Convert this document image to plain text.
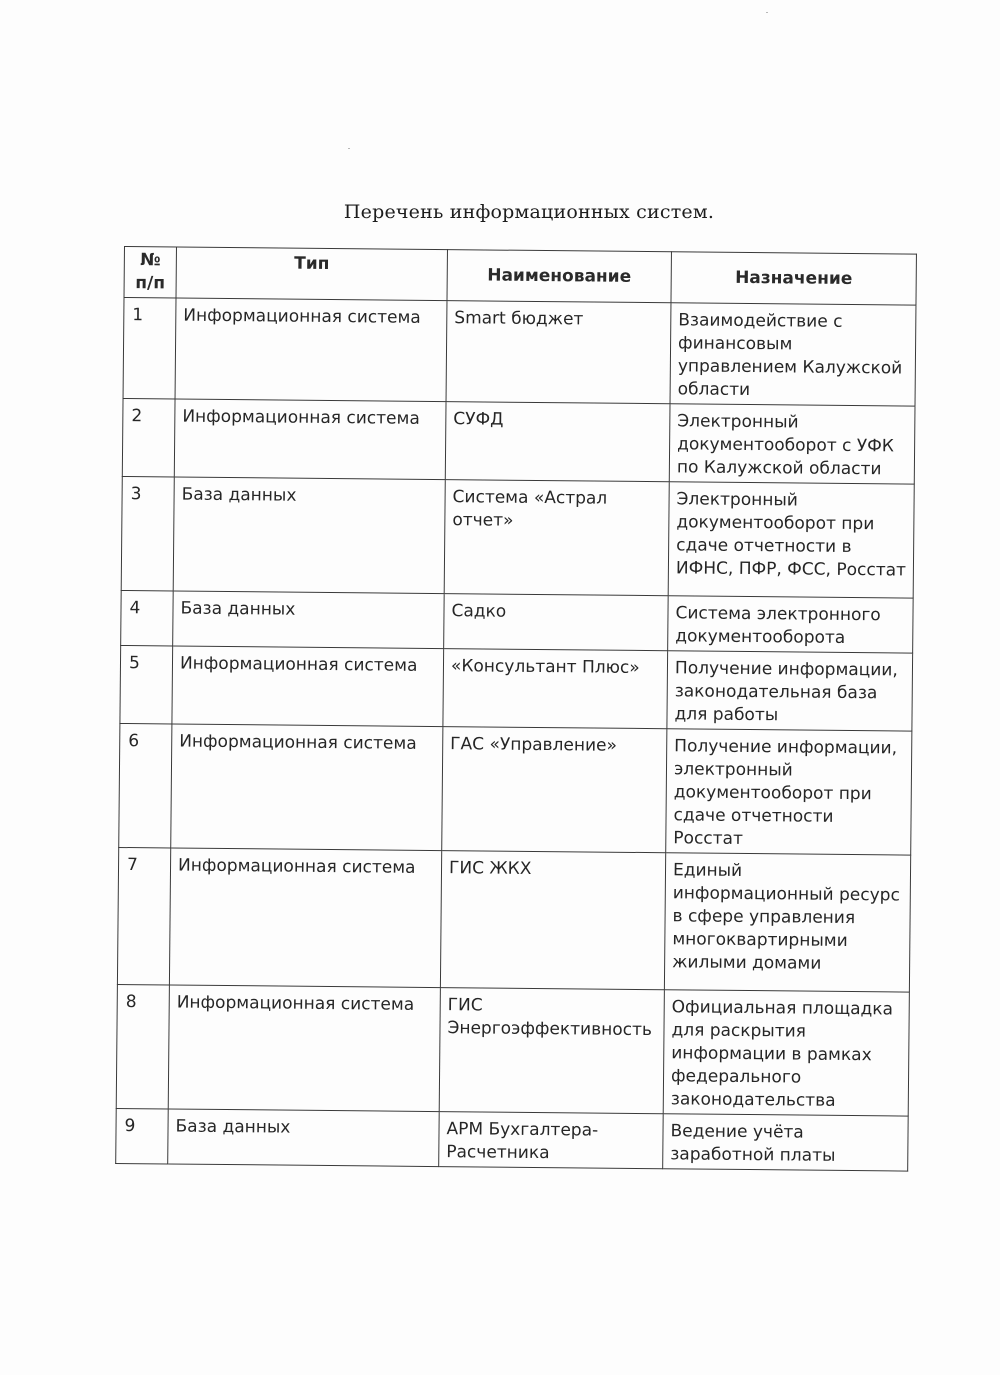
Перечень информационных систем.
№ п/п	Тип	Наименование	Назначение
1	Информационная система	Smart бюджет	Взаимодействие с финансовым управлением Калужской области
2	Информационная система	СУФД	Электронный документооборот с УФК по Калужской области
3	База данных	Система «Астрал отчет»	Электронный документооборот при сдаче отчетности в ИФНС, ПФР, ФСС, Росстат
4	База данных	Садко	Система электронного документооборота
5	Информационная система	«Консультант Плюс»	Получение информации, законодательная база для работы
6	Информационная система	ГАС «Управление»	Получение информации, электронный документооборот при сдаче отчетности Росстат
7	Информационная система	ГИС ЖКХ	Единый информационный ресурс в сфере управления многоквартирными жилыми домами
8	Информационная система	ГИС Энергоэффективность	Официальная площадка для раскрытия информации в рамках федерального законодательства
9	База данных	АРМ Бухгалтера-Расчетника	Ведение учёта заработной платы
